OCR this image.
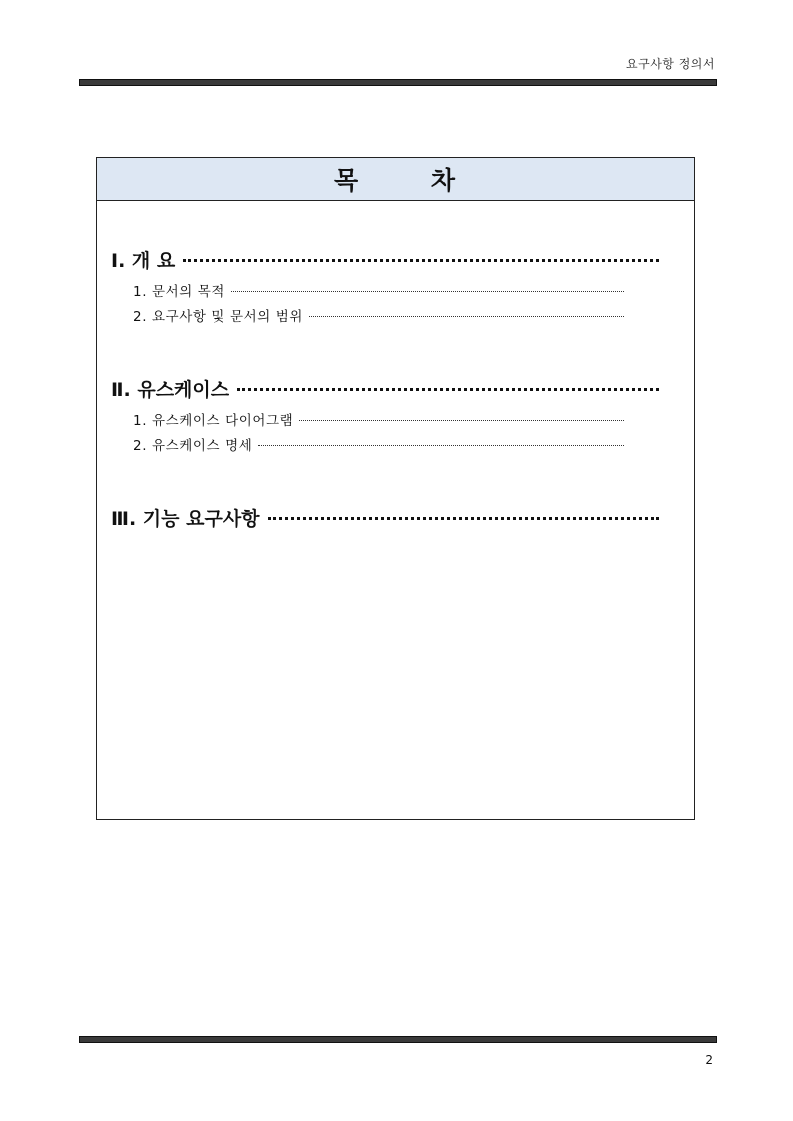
요구사항 정의서
목 차
Ⅰ. 개 요
1. 문서의 목적
2. 요구사항 및 문서의 범위
Ⅱ. 유스케이스
1. 유스케이스 다이어그램
2. 유스케이스 명세
Ⅲ. 기능 요구사항
2
